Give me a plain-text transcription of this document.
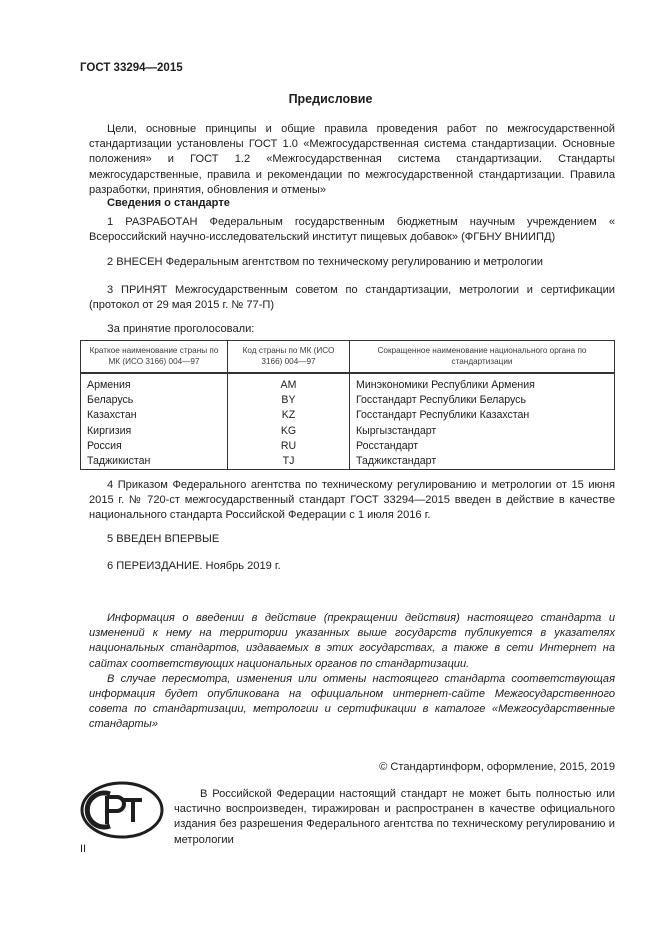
ГОСТ 33294—2015
Предисловие

Цели, основные принципы и общие правила проведения работ по межгосударственной стандартизации установлены ГОСТ 1.0 «Межгосударственная система стандартизации. Основные положения» и ГОСТ 1.2 «Межгосударственная система стандартизации. Стандарты межгосударственные, правила и рекомендации по межгосударственной стандартизации. Правила разработки, принятия, обновления и отмены»

Сведения о стандарте

1 РАЗРАБОТАН Федеральным государственным бюджетным научным учреждением « Всероссийский научно-исследовательский институт пищевых добавок» (ФГБНУ ВНИИПД)

2 ВНЕСЕН Федеральным агентством по техническому регулированию и метрологии

3 ПРИНЯТ Межгосударственным советом по стандартизации, метрологии и сертификации (протокол от 29 мая 2015 г. № 77-П)

За принятие проголосовали:

Краткое наименование страны по МК (ИСО 3166) 004—97	Код страны по МК (ИСО 3166) 004—97	Сокращенное наименование национального органа по стандартизации
Армения	AM	Минэкономики Республики Армения
Беларусь	BY	Госстандарт Республики Беларусь
Казахстан	KZ	Госстандарт Республики Казахстан
Киргизия	KG	Кыргызстандарт
Россия	RU	Росстандарт
Таджикистан	TJ	Таджикстандарт

4 Приказом Федерального агентства по техническому регулированию и метрологии от 15 июня 2015 г. № 720-ст межгосударственный стандарт ГОСТ 33294—2015 введен в действие в качестве национального стандарта Российской Федерации с 1 июля 2016 г.

5 ВВЕДЕН ВПЕРВЫЕ

6 ПЕРЕИЗДАНИЕ. Ноябрь 2019 г.

Информация о введении в действие (прекращении действия) настоящего стандарта и изменений к нему на территории указанных выше государств публикуется в указателях национальных стандартов, издаваемых в этих государствах, а также в сети Интернет на сайтах соответствующих национальных органов по стандартизации.

В случае пересмотра, изменения или отмены настоящего стандарта соответствующая информация будет опубликована на официальном интернет-сайте Межгосударственного совета по стандартизации, метрологии и сертификации в каталоге «Межгосударственные стандарты»

© Стандартинформ, оформление, 2015, 2019

В Российской Федерации настоящий стандарт не может быть полностью или частично воспроизведен, тиражирован и распространен в качестве официального издания без разрешения Федерального агентства по техническому регулированию и метрологии

II
